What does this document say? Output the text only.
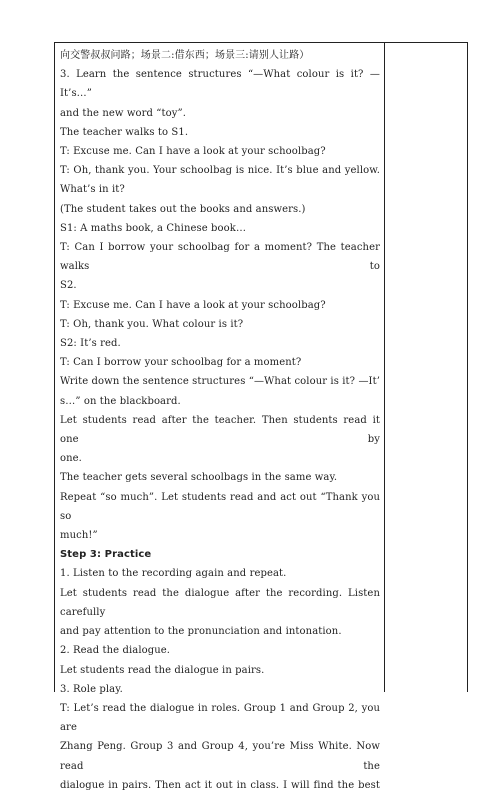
向交警叔叔问路；场景二:借东西；场景三:请别人让路）
3. Learn the sentence structures “—What colour is it? —It’s…”
and the new word “toy”.
The teacher walks to S1.
T: Excuse me. Can I have a look at your schoolbag?
T: Oh, thank you. Your schoolbag is nice. It’s blue and yellow.
What’s in it?
(The student takes out the books and answers.)
S1: A maths book, a Chinese book…
T: Can I borrow your schoolbag for a moment? The teacher walks to
S2.
T: Excuse me. Can I have a look at your schoolbag?
T: Oh, thank you. What colour is it?
S2: It’s red.
T: Can I borrow your schoolbag for a moment?
Write down the sentence structures “—What colour is it? —It’
s…” on the blackboard.
Let students read after the teacher. Then students read it one by
one.
The teacher gets several schoolbags in the same way.
Repeat “so much”. Let students read and act out “Thank you so
much!”
Step 3: Practice
1. Listen to the recording again and repeat.
Let students read the dialogue after the recording. Listen carefully
and pay attention to the pronunciation and intonation.
2. Read the dialogue.
Let students read the dialogue in pairs.
3. Role play.
T: Let’s read the dialogue in roles. Group 1 and Group 2, you are
Zhang Peng. Group 3 and Group 4, you’re Miss White. Now read the
dialogue in pairs. Then act it out in class. I will find the best
